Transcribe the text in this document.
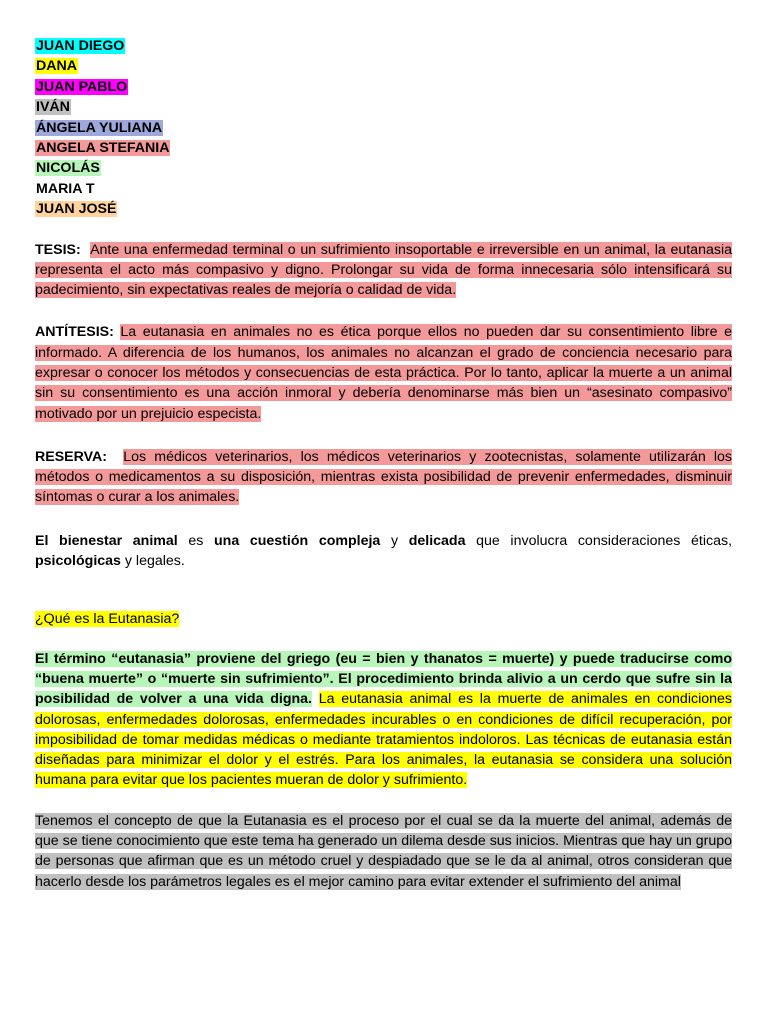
JUAN DIEGO
DANA
JUAN PABLO
IVÁN
ÁNGELA YULIANA
ANGELA STEFANIA
NICOLÁS
MARIA T
JUAN JOSÉ

TESIS: Ante una enfermedad terminal o un sufrimiento insoportable e irreversible en un animal, la eutanasia representa el acto más compasivo y digno. Prolongar su vida de forma innecesaria sólo intensificará su padecimiento, sin expectativas reales de mejoría o calidad de vida.

ANTÍTESIS: La eutanasia en animales no es ética porque ellos no pueden dar su consentimiento libre e informado. A diferencia de los humanos, los animales no alcanzan el grado de conciencia necesario para expresar o conocer los métodos y consecuencias de esta práctica. Por lo tanto, aplicar la muerte a un animal sin su consentimiento es una acción inmoral y debería denominarse más bien un “asesinato compasivo” motivado por un prejuicio especista.

RESERVA: Los médicos veterinarios, los médicos veterinarios y zootecnistas, solamente utilizarán los métodos o medicamentos a su disposición, mientras exista posibilidad de prevenir enfermedades, disminuir síntomas o curar a los animales.

El bienestar animal es una cuestión compleja y delicada que involucra consideraciones éticas, psicológicas y legales.

¿Qué es la Eutanasia?

El término “eutanasia” proviene del griego (eu = bien y thanatos = muerte) y puede traducirse como “buena muerte” o “muerte sin sufrimiento”. El procedimiento brinda alivio a un cerdo que sufre sin la posibilidad de volver a una vida digna. La eutanasia animal es la muerte de animales en condiciones dolorosas, enfermedades dolorosas, enfermedades incurables o en condiciones de difícil recuperación, por imposibilidad de tomar medidas médicas o mediante tratamientos indoloros. Las técnicas de eutanasia están diseñadas para minimizar el dolor y el estrés. Para los animales, la eutanasia se considera una solución humana para evitar que los pacientes mueran de dolor y sufrimiento.

Tenemos el concepto de que la Eutanasia es el proceso por el cual se da la muerte del animal, además de que se tiene conocimiento que este tema ha generado un dilema desde sus inicios. Mientras que hay un grupo de personas que afirman que es un método cruel y despiadado que se le da al animal, otros consideran que hacerlo desde los parámetros legales es el mejor camino para evitar extender el sufrimiento del animal
